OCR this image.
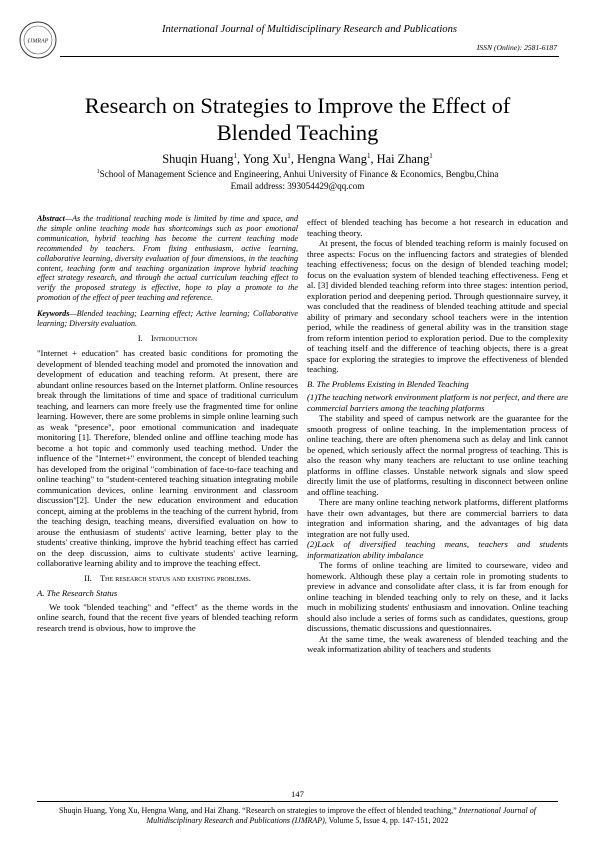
IJMRAP
International Journal of Multidisciplinary Research and Publications
ISSN (Online): 2581-6187
Research on Strategies to Improve the Effect of
Blended Teaching
Shuqin Huang$^1$, Yong Xu$^1$, Hengna Wang$^1$, Hai Zhang$^1$
$^1$School of Management Science and Engineering, Anhui University of Finance & Economics, Bengbu,China
Email address: 393054429@qq.com

Abstract—As the traditional teaching mode is limited by time and space, and the simple online teaching mode has shortcomings such as poor emotional communication, hybrid teaching has become the current teaching mode recommended by teachers. From fixing enthusiasm, active learning, collaborative learning, diversity evaluation of four dimensions, in the teaching content, teaching form and teaching organization improve hybrid teaching effect strategy research, and through the actual curriculum teaching effect to verify the proposed strategy is effective, hope to play a promote to the promotion of the effect of peer teaching and reference.

Keywords—Blended teaching; Learning effect; Active learning; Collaborative learning; Diversity evaluation.

I. Introduction

"Internet + education" has created basic conditions for promoting the development of blended teaching model and promoted the innovation and development of education and teaching reform. At present, there are abundant online resources based on the Internet platform. Online resources break through the limitations of time and space of traditional curriculum teaching, and learners can more freely use the fragmented time for online learning. However, there are some problems in simple online learning such as weak "presence", poor emotional communication and inadequate monitoring [1]. Therefore, blended online and offline teaching mode has become a hot topic and commonly used teaching method. Under the influence of the "Internet+" environment, the concept of blended teaching has developed from the original "combination of face-to-face teaching and online teaching" to "student-centered teaching situation integrating mobile communication devices, online learning environment and classroom discussion"[2]. Under the new education environment and education concept, aiming at the problems in the teaching of the current hybrid, from the teaching design, teaching means, diversified evaluation on how to arouse the enthusiasm of students' active learning, better play to the students' creative thinking, improve the hybrid teaching effect has carried on the deep discussion, aims to cultivate students' active learning, collaborative learning ability and to improve the teaching effect.

II. The research status and existing problems.

A. The Research Status

We took "blended teaching" and "effect" as the theme words in the online search, found that the recent five years of blended teaching reform research trend is obvious, how to improve the

effect of blended teaching has become a hot research in education and teaching theory.

At present, the focus of blended teaching reform is mainly focused on three aspects: Focus on the influencing factors and strategies of blended teaching effectiveness; focus on the design of blended teaching model; focus on the evaluation system of blended teaching effectiveness. Feng et al. [3] divided blended teaching reform into three stages: intention period, exploration period and deepening period. Through questionnaire survey, it was concluded that the readiness of blended teaching attitude and special ability of primary and secondary school teachers were in the intention period, while the readiness of general ability was in the transition stage from reform intention period to exploration period. Due to the complexity of teaching itself and the difference of teaching objects, there is a great space for exploring the strategies to improve the effectiveness of blended teaching.

B. The Problems Existing in Blended Teaching

(1)The teaching network environment platform is not perfect, and there are commercial barriers among the teaching platforms

The stability and speed of campus network are the guarantee for the smooth progress of online teaching. In the implementation process of online teaching, there are often phenomena such as delay and link cannot be opened, which seriously affect the normal progress of teaching. This is also the reason why many teachers are reluctant to use online teaching platforms in offline classes. Unstable network signals and slow speed directly limit the use of platforms, resulting in disconnect between online and offline teaching.

There are many online teaching network platforms, different platforms have their own advantages, but there are commercial barriers to data integration and information sharing, and the advantages of big data integration are not fully used.

(2)Lack of diversified teaching means, teachers and students informatization ability imbalance

The forms of online teaching are limited to courseware, video and homework. Although these play a certain role in promoting students to preview in advance and consolidate after class, it is far from enough for online teaching in blended teaching only to rely on these, and it lacks much in mobilizing students' enthusiasm and innovation. Online teaching should also include a series of forms such as candidates, questions, group discussions, thematic discussions and questionnaires.

At the same time, the weak awareness of blended teaching and the weak informatization ability of teachers and students

147
Shuqin Huang, Yong Xu, Hengna Wang, and Hai Zhang. “Research on strategies to improve the effect of blended teaching,” International Journal of Multidisciplinary Research and Publications (IJMRAP), Volume 5, Issue 4, pp. 147-151, 2022
